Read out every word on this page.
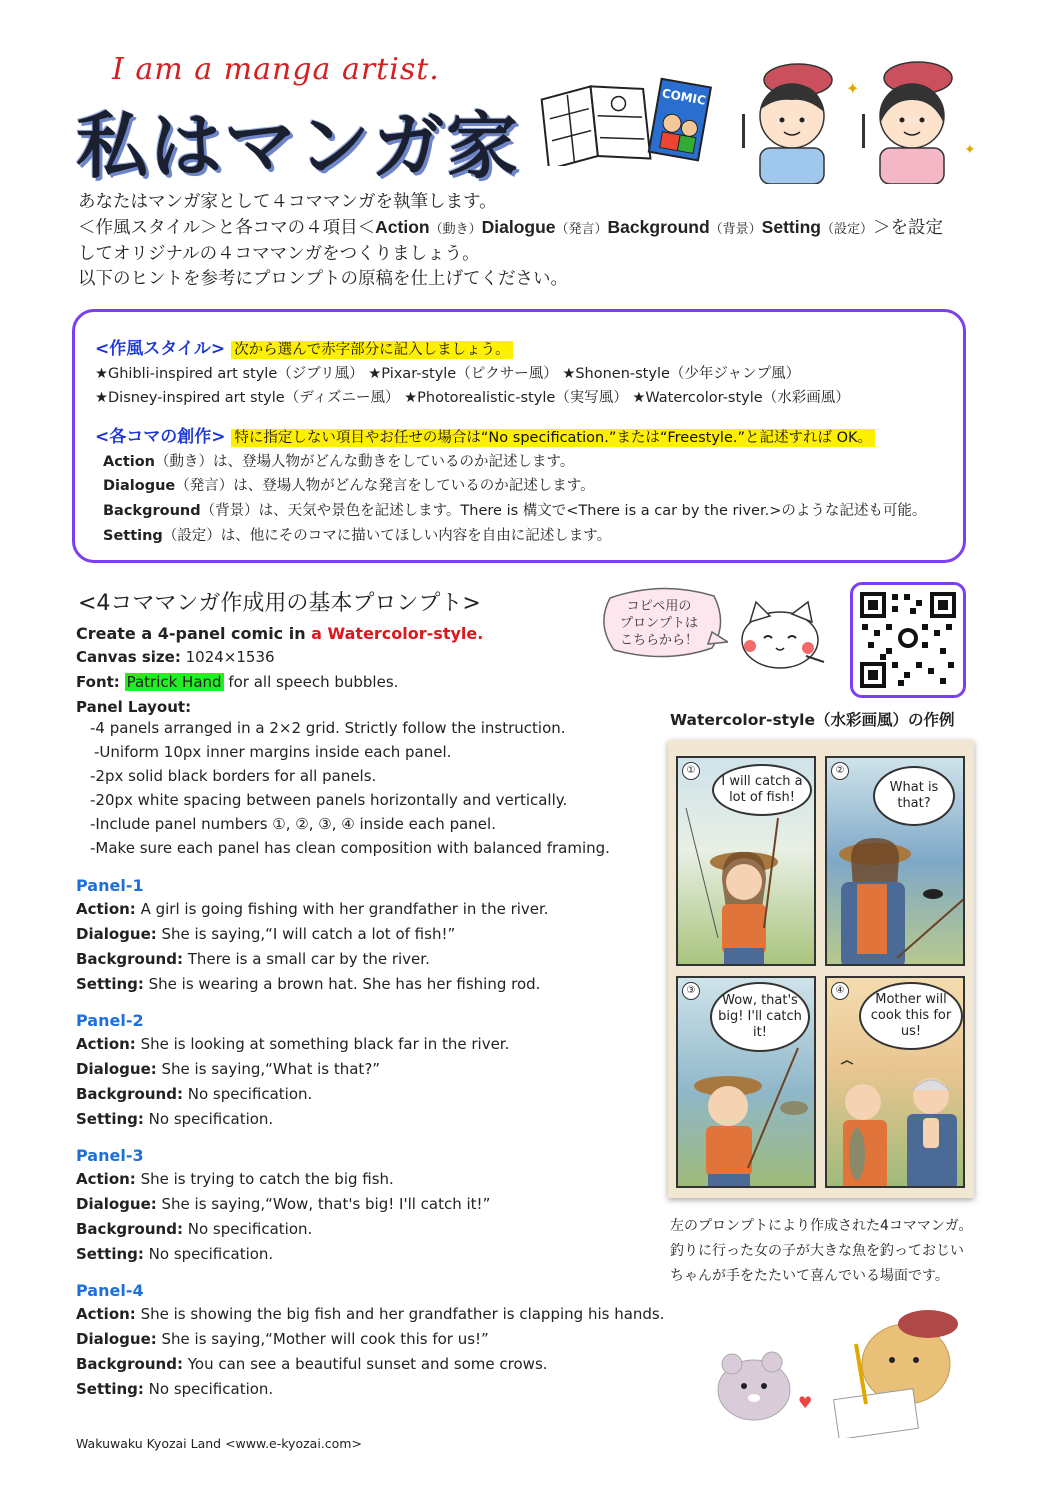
I am a manga artist.
私はマンガ家
COMIC	✦
✦
あなたはマンガ家として４コママンガを執筆します。
＜作風スタイル＞と各コマの４項目＜Action（動き）Dialogue（発言）Background（背景）Setting（設定）＞を設定
してオリジナルの４コママンガをつくりましょう。
以下のヒントを参考にプロンプトの原稿を仕上げてください。
<作風スタイル> 次から選んで赤字部分に記入しましょう。
★Ghibli-inspired art style（ジブリ風） ★Pixar-style（ピクサー風） ★Shonen-style（少年ジャンプ風）
★Disney-inspired art style（ディズニー風） ★Photorealistic-style（実写風） ★Watercolor-style（水彩画風）
<各コマの創作> 特に指定しない項目やお任せの場合は“No specification.”または“Freestyle.”と記述すれば OK。
Action（動き）は、登場人物がどんな動きをしているのか記述します。
Dialogue（発言）は、登場人物がどんな発言をしているのか記述します。
Background（背景）は、天気や景色を記述します。There is 構文で<There is a car by the river.>のような記述も可能。
Setting（設定）は、他にそのコマに描いてほしい内容を自由に記述します。
<4コママンガ作成用の基本プロンプト>
Create a 4-panel comic in a Watercolor-style.
Canvas size: 1024×1536
Font: Patrick Hand for all speech bubbles.
Panel Layout:
-4 panels arranged in a 2×2 grid. Strictly follow the instruction.
-Uniform 10px inner margins inside each panel.
-2px solid black borders for all panels.
-20px white spacing between panels horizontally and vertically.
-Include panel numbers ①, ②, ③, ④ inside each panel.
-Make sure each panel has clean composition with balanced framing.
Panel-1
Action: A girl is going fishing with her grandfather in the river.
Dialogue: She is saying,“I will catch a lot of fish!”
Background: There is a small car by the river.
Setting: She is wearing a brown hat. She has her fishing rod.
Panel-2
Action: She is looking at something black far in the river.
Dialogue: She is saying,“What is that?”
Background: No specification.
Setting: No specification.
Panel-3
Action: She is trying to catch the big fish.
Dialogue: She is saying,“Wow, that's big! I'll catch it!”
Background: No specification.
Setting: No specification.
Panel-4
Action: She is showing the big fish and her grandfather is clapping his hands.
Dialogue: She is saying,“Mother will cook this for us!”
Background: You can see a beautiful sunset and some crows.
Setting: No specification.
コピペ用の
プロンプトは
こちらから！
Watercolor-style（水彩画風）の作例
①
I will catch a lot of fish!
②
What is that?
③
Wow, that's big! I'll catch it!
④
Mother will cook this for us!
左のプロンプトにより作成された4コママンガ。
釣りに行った女の子が大きな魚を釣っておじい
ちゃんが手をたたいて喜んでいる場面です。
♥
Wakuwaku Kyozai Land <www.e-kyozai.com>
